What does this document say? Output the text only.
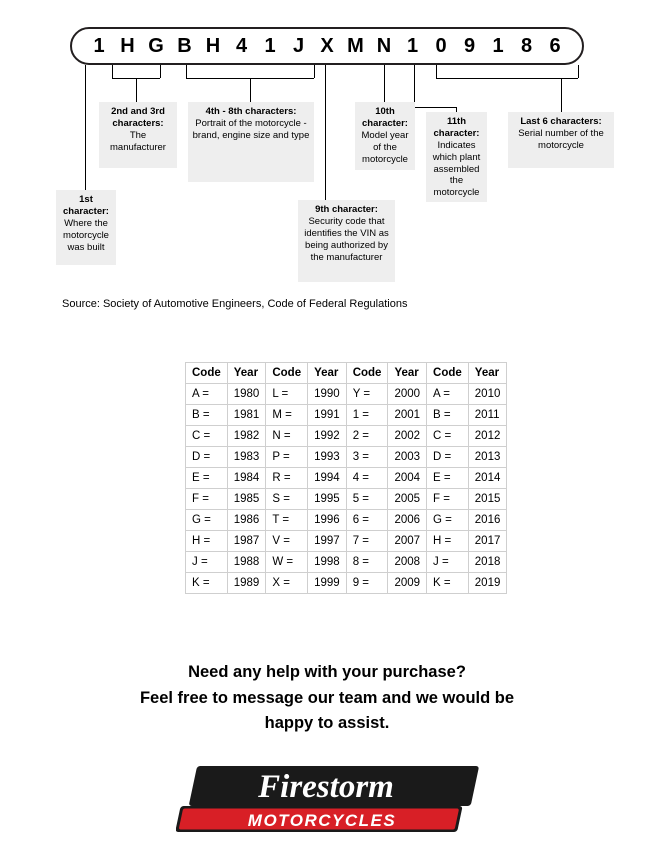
1 H G B H 4 1 J X M N 1 0 9 1 8 6
1st character:
Where the motorcycle was built
2nd and 3rd characters:
The manufacturer
4th - 8th characters:
Portrait of the motorcycle - brand, engine size and type
9th character:
Security code that identifies the VIN as being authorized by the manufacturer
10th character:
Model year of the motorcycle
11th character:
Indicates which plant assembled the motorcycle
Last 6 characters:
Serial number of the motorcycle
Source: Society of Automotive Engineers, Code of Federal Regulations
Code	Year	Code	Year	Code	Year	Code	Year
A =	1980	L =	1990	Y =	2000	A =	2010
B =	1981	M =	1991	1 =	2001	B =	2011
C =	1982	N =	1992	2 =	2002	C =	2012
D =	1983	P =	1993	3 =	2003	D =	2013
E =	1984	R =	1994	4 =	2004	E =	2014
F =	1985	S =	1995	5 =	2005	F =	2015
G =	1986	T =	1996	6 =	2006	G =	2016
H =	1987	V =	1997	7 =	2007	H =	2017
J =	1988	W =	1998	8 =	2008	J =	2018
K =	1989	X =	1999	9 =	2009	K =	2019
Need any help with your purchase?
Feel free to message our team and we would be
happy to assist.
Firestorm
MOTORCYCLES
